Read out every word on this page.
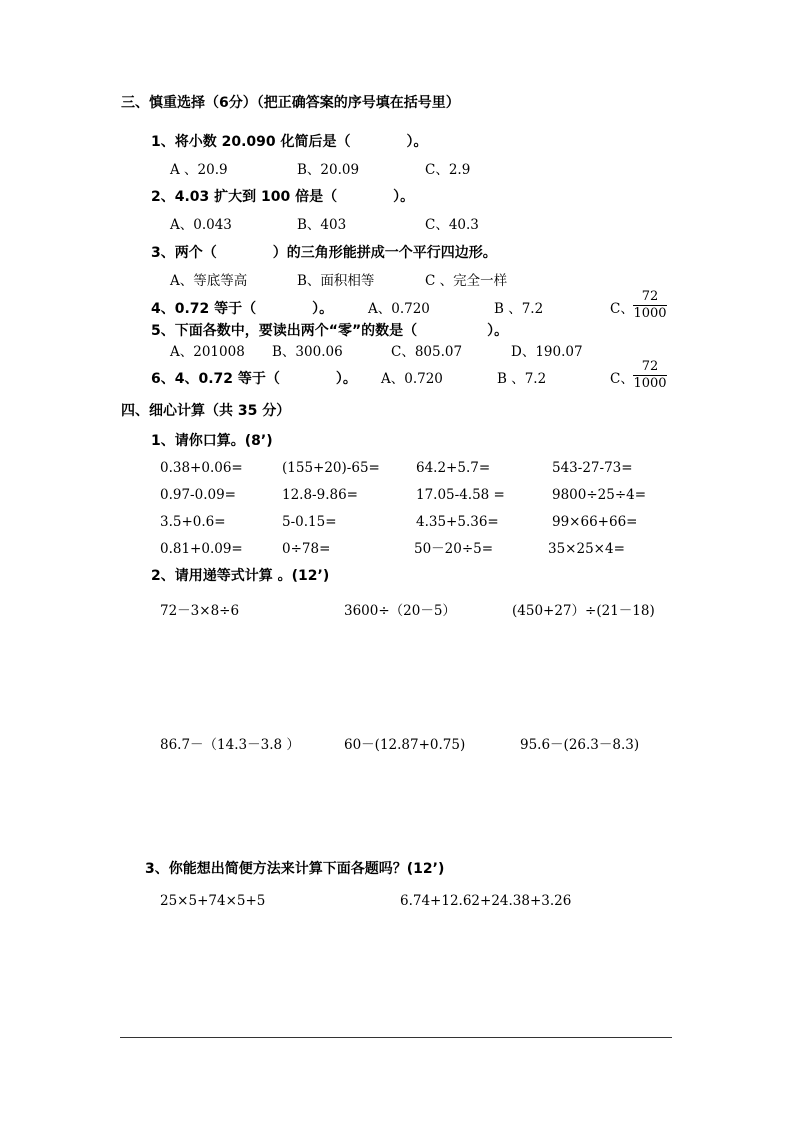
三、慎重选择（6分）（把正确答案的序号填在括号里）
1、将小数 20.090 化简后是（　　　　）。
A 、20.9	B、20.09	C、2.9
2、4.03 扩大到 100 倍是（　　　　）。
A、0.043	B、403	C、40.3
3、两个（　　　　）的三角形能拼成一个平行四边形。
A、等底等高	B、面积相等	C 、完全一样
4、0.72 等于（　　　　）。	A、0.720	B 、7.2	C、 $\frac{72}{1000}$
5、下面各数中，要读出两个“零”的数是（　　　　　）。
A、201008 B、300.06	C、805.07	D、190.07
6、4、0.72 等于（　　　　）。 A、0.720	B 、7.2	C、 $\frac{72}{1000}$
四、细心计算（共 35 分）
1、请你口算。(8’)
0.38+0.06=	(155+20)-65=	64.2+5.7=	543-27-73=
0.97-0.09=	12.8-9.86=	17.05-4.58 =	9800÷25÷4=
3.5+0.6=	5-0.15=	4.35+5.36=	99×66+66=
0.81+0.09=	0÷78=	50－20÷5=	35×25×4=
2、请用递等式计算 。(12’)
72－3×8÷6	3600÷（20－5）	(450+27）÷(21－18)
86.7－（14.3－3.8 ）	60－(12.87+0.75)	95.6－(26.3－8.3)
3、你能想出简便方法来计算下面各题吗？(12’)
25×5+74×5+5	6.74+12.62+24.38+3.26
